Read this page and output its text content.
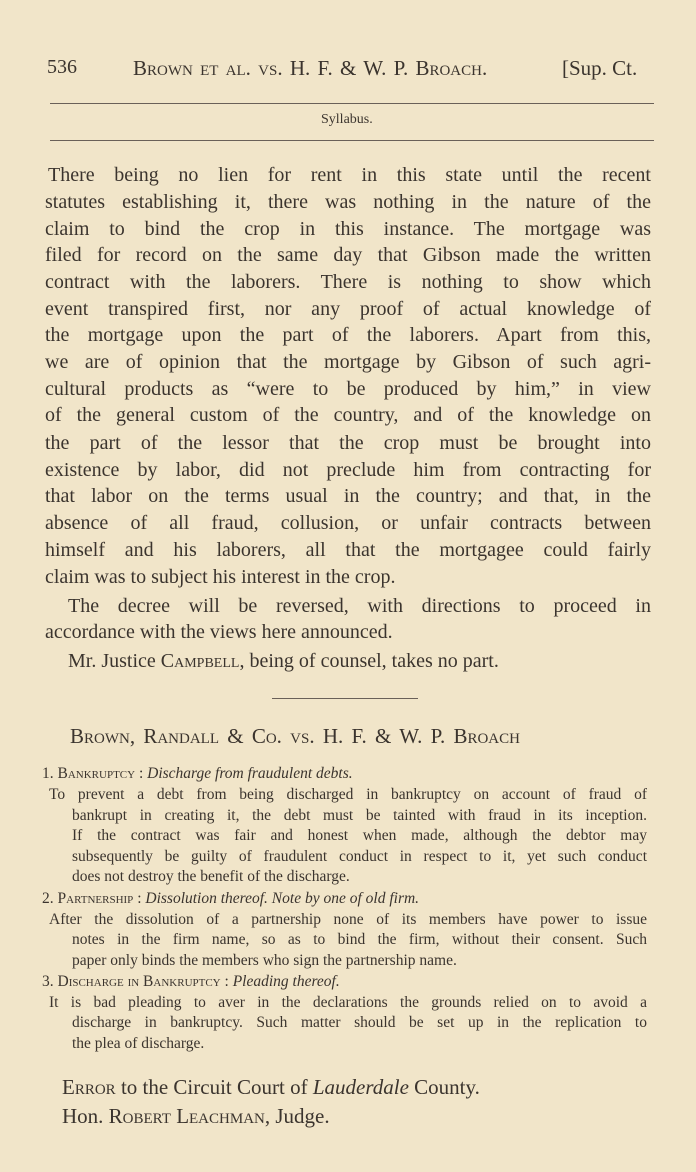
536	Brown et al. vs. H. F. & W. P. Broach.	[Sup. Ct.
Syllabus.
There being no lien for rent in this state until the recent
statutes establishing it, there was nothing in the nature of the
claim to bind the crop in this instance. The mortgage was
filed for record on the same day that Gibson made the written
contract with the laborers. There is nothing to show which
event transpired first, nor any proof of actual knowledge of
the mortgage upon the part of the laborers. Apart from this,
we are of opinion that the mortgage by Gibson of such agri-
cultural products as “were to be produced by him,” in view
of the general custom of the country, and of the knowledge on
the part of the lessor that the crop must be brought into
existence by labor, did not preclude him from contracting for
that labor on the terms usual in the country; and that, in the
absence of all fraud, collusion, or unfair contracts between
himself and his laborers, all that the mortgagee could fairly
claim was to subject his interest in the crop.
The decree will be reversed, with directions to proceed in
accordance with the views here announced.
Mr. Justice Campbell, being of counsel, takes no part.
Brown, Randall & Co. vs. H. F. & W. P. Broach
1. Bankruptcy : Discharge from fraudulent debts.
To prevent a debt from being discharged in bankruptcy on account of fraud of
bankrupt in creating it, the debt must be tainted with fraud in its inception.
If the contract was fair and honest when made, although the debtor may
subsequently be guilty of fraudulent conduct in respect to it, yet such conduct
does not destroy the benefit of the discharge.
2. Partnership : Dissolution thereof. Note by one of old firm.
After the dissolution of a partnership none of its members have power to issue
notes in the firm name, so as to bind the firm, without their consent. Such
paper only binds the members who sign the partnership name.
3. Discharge in Bankruptcy : Pleading thereof.
It is bad pleading to aver in the declarations the grounds relied on to avoid a
discharge in bankruptcy. Such matter should be set up in the replication to
the plea of discharge.
Error to the Circuit Court of Lauderdale County.
Hon. Robert Leachman, Judge.
